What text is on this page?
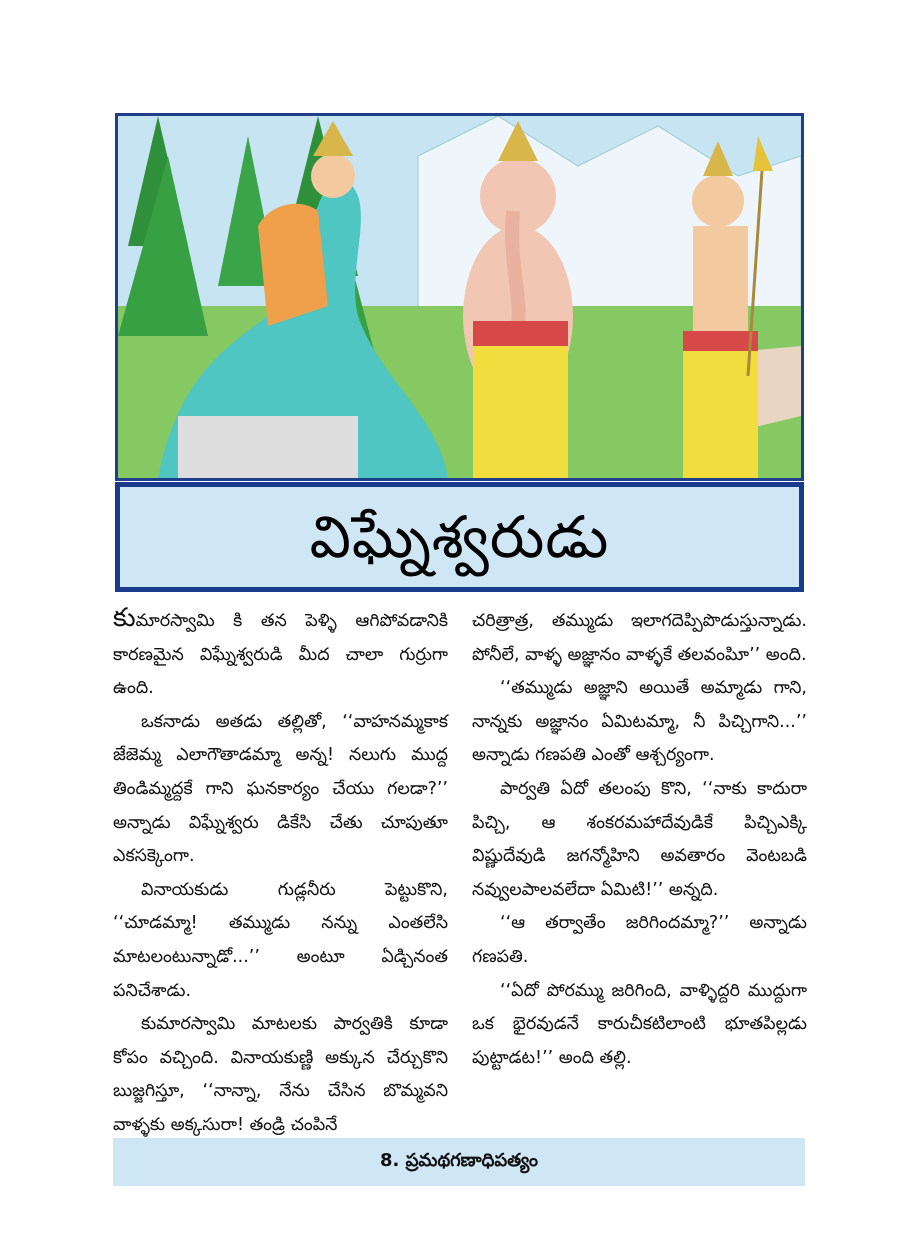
విఘ్నేశ్వరుడు

కుమారస్వామి కి తన పెళ్ళి ఆగిపోవడానికి కారణమైన విఘ్నేశ్వరుడి మీద చాలా గుర్రుగా ఉంది.

ఒకనాడు అతడు తల్లితో, ‘‘వాహనమ్మకాక జేజెమ్మ ఎలాగౌతాడమ్మా అన్న! నలుగు ముద్ద తిండిమ్మద్దకే గాని ఘనకార్యం చేయు గలడా?’’ అన్నాడు విఘ్నేశ్వరు డికేసి చేతు చూపుతూ ఎకసక్కెంగా.

వినాయకుడు గుడ్లనీరు పెట్టుకొని, ‘‘చూడమ్మా! తమ్ముడు నన్ను ఎంతలేసి మాటలంటున్నాడో...’’ అంటూ ఏడ్చినంత పనిచేశాడు.

కుమారస్వామి మాటలకు పార్వతికి కూడా కోపం వచ్చింది. వినాయకుణ్ణి అక్కున చేర్చుకొని బుజ్జగిస్తూ, ‘‘నాన్నా, నేను చేసిన బొమ్మవని వాళ్ళకు అక్కసురా! తండ్రి చంపినే

చరిత్రాత్ర, తమ్ముడు ఇలాగదెప్పిపొడుస్తున్నాడు. పోనీలే, వాళ్ళ అజ్ఞానం వాళ్ళకే తలవంపిూ’’ అంది.

‘‘తమ్ముడు అజ్ఞాని అయితే అమ్మాడు గాని, నాన్నకు అజ్ఞానం ఏమిటమ్మా, నీ పిచ్చిగాని...’’ అన్నాడు గణపతి ఎంతో ఆశ్చర్యంగా.

పార్వతి ఏదో తలంపు కొని, ‘‘నాకు కాదురా పిచ్చి, ఆ శంకరమహాదేవుడికే పిచ్చిఎక్కి విష్ణుదేవుడి జగన్మోహిని అవతారం వెంటబడి నవ్వులపాలవలేదా ఏమిటి!’’ అన్నది.

‘‘ఆ తర్వాతేం జరిగిందమ్మా?’’ అన్నాడు గణపతి.

‘‘ఏదో పోరమ్ము జరిగింది, వాళ్ళిద్దరి ముద్దుగా ఒక భైరవుడనే కారుచీకటిలాంటి భూతపిల్లడు పుట్టాడట!’’ అంది తల్లి.

8. ప్రమథగణాధిపత్యం
